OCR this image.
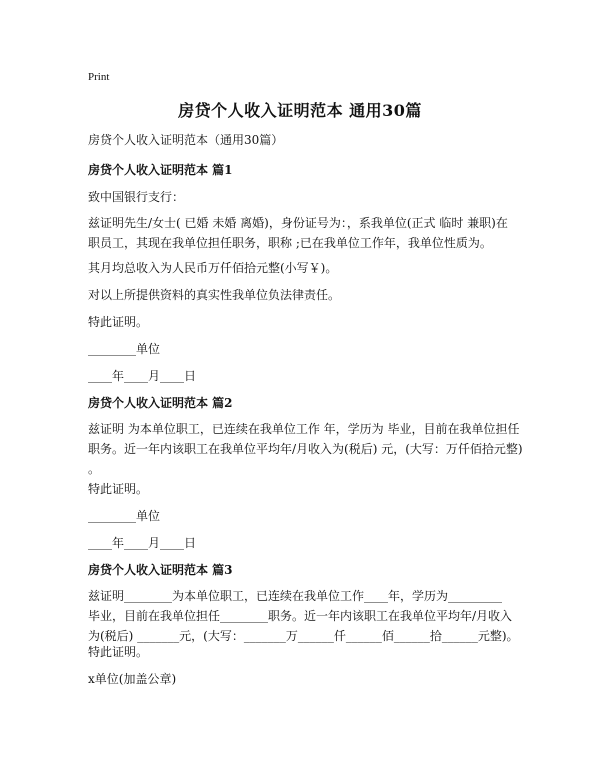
Print
房贷个人收入证明范本 通用30篇
房贷个人收入证明范本（通用30篇）
房贷个人收入证明范本 篇1
致中国银行支行：
兹证明先生/女士( 已婚 未婚 离婚)，身份证号为：，系我单位(正式 临时 兼职)在
职员工，其现在我单位担任职务，职称 ;已在我单位工作年，我单位性质为。
其月均总收入为人民币万仟佰拾元整(小写￥)。
对以上所提供资料的真实性我单位负法律责任。
特此证明。
________单位
____年____月____日
房贷个人收入证明范本 篇2
兹证明 为本单位职工，已连续在我单位工作 年，学历为 毕业，目前在我单位担任
职务。近一年内该职工在我单位平均年/月收入为(税后) 元，(大写：万仟佰拾元整)
。
特此证明。
________单位
____年____月____日
房贷个人收入证明范本 篇3
兹证明________为本单位职工，已连续在我单位工作____年，学历为_________
毕业，目前在我单位担任________职务。近一年内该职工在我单位平均年/月收入
为(税后) _______元，(大写：_______万______仟______佰______拾______元整)。
特此证明。
x单位(加盖公章)
